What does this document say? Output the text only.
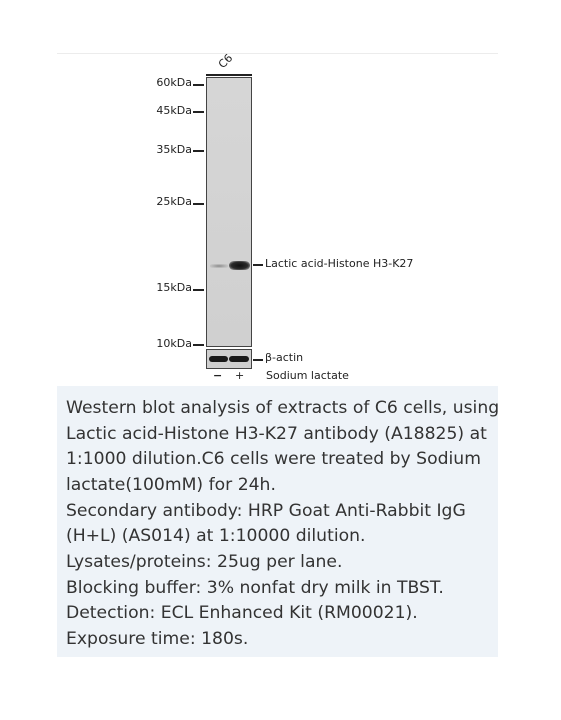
C6
60kDa
45kDa
35kDa
25kDa
15kDa
10kDa
Lactic acid-Histone H3-K27
β-actin
− + Sodium lactate
Western blot analysis of extracts of C6 cells, using
Lactic acid-Histone H3-K27 antibody (A18825) at
1:1000 dilution.C6 cells were treated by Sodium
lactate(100mM) for 24h.
Secondary antibody: HRP Goat Anti-Rabbit IgG
(H+L) (AS014) at 1:10000 dilution.
Lysates/proteins: 25ug per lane.
Blocking buffer: 3% nonfat dry milk in TBST.
Detection: ECL Enhanced Kit (RM00021).
Exposure time: 180s.
